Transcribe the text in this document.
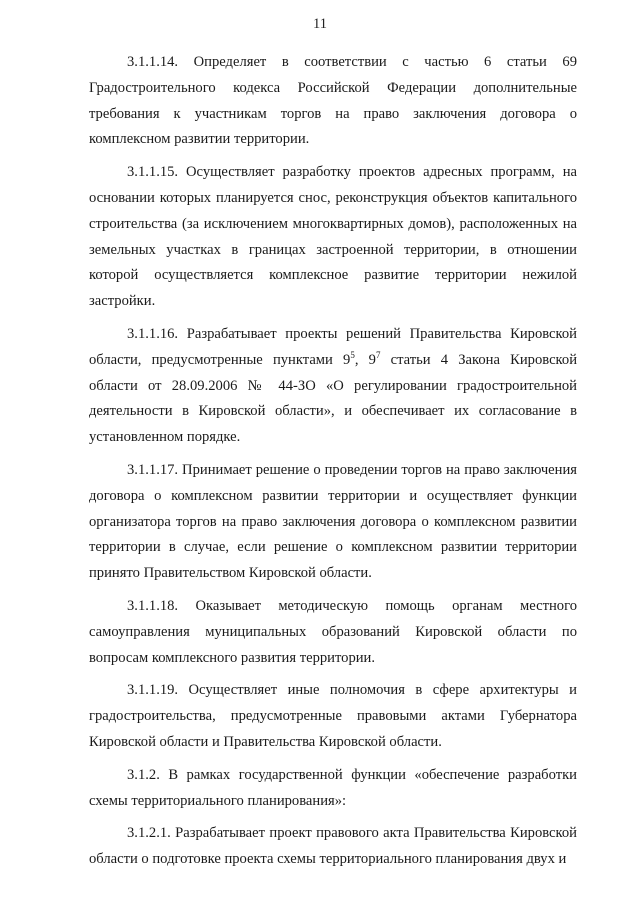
11

3.1.1.14. Определяет в соответствии с частью 6 статьи 69 Градостроительного кодекса Российской Федерации дополнительные требования к участникам торгов на право заключения договора о комплексном развитии территории.

3.1.1.15. Осуществляет разработку проектов адресных программ, на основании которых планируется снос, реконструкция объектов капитального строительства (за исключением многоквартирных домов), расположенных на земельных участках в границах застроенной территории, в отношении которой осуществляется комплексное развитие территории нежилой застройки.

3.1.1.16. Разрабатывает проекты решений Правительства Кировской области, предусмотренные пунктами $9^5$, $9^7$ статьи 4 Закона Кировской области от 28.09.2006 № 44-ЗО «О регулировании градостроительной деятельности в Кировской области», и обеспечивает их согласование в установленном порядке.

3.1.1.17. Принимает решение о проведении торгов на право заключения договора о комплексном развитии территории и осуществляет функции организатора торгов на право заключения договора о комплексном развитии территории в случае, если решение о комплексном развитии территории принято Правительством Кировской области.

3.1.1.18. Оказывает методическую помощь органам местного самоуправления муниципальных образований Кировской области по вопросам комплексного развития территории.

3.1.1.19. Осуществляет иные полномочия в сфере архитектуры и градостроительства, предусмотренные правовыми актами Губернатора Кировской области и Правительства Кировской области.

3.1.2. В рамках государственной функции «обеспечение разработки схемы территориального планирования»:

3.1.2.1. Разрабатывает проект правового акта Правительства Кировской области о подготовке проекта схемы территориального планирования двух и
